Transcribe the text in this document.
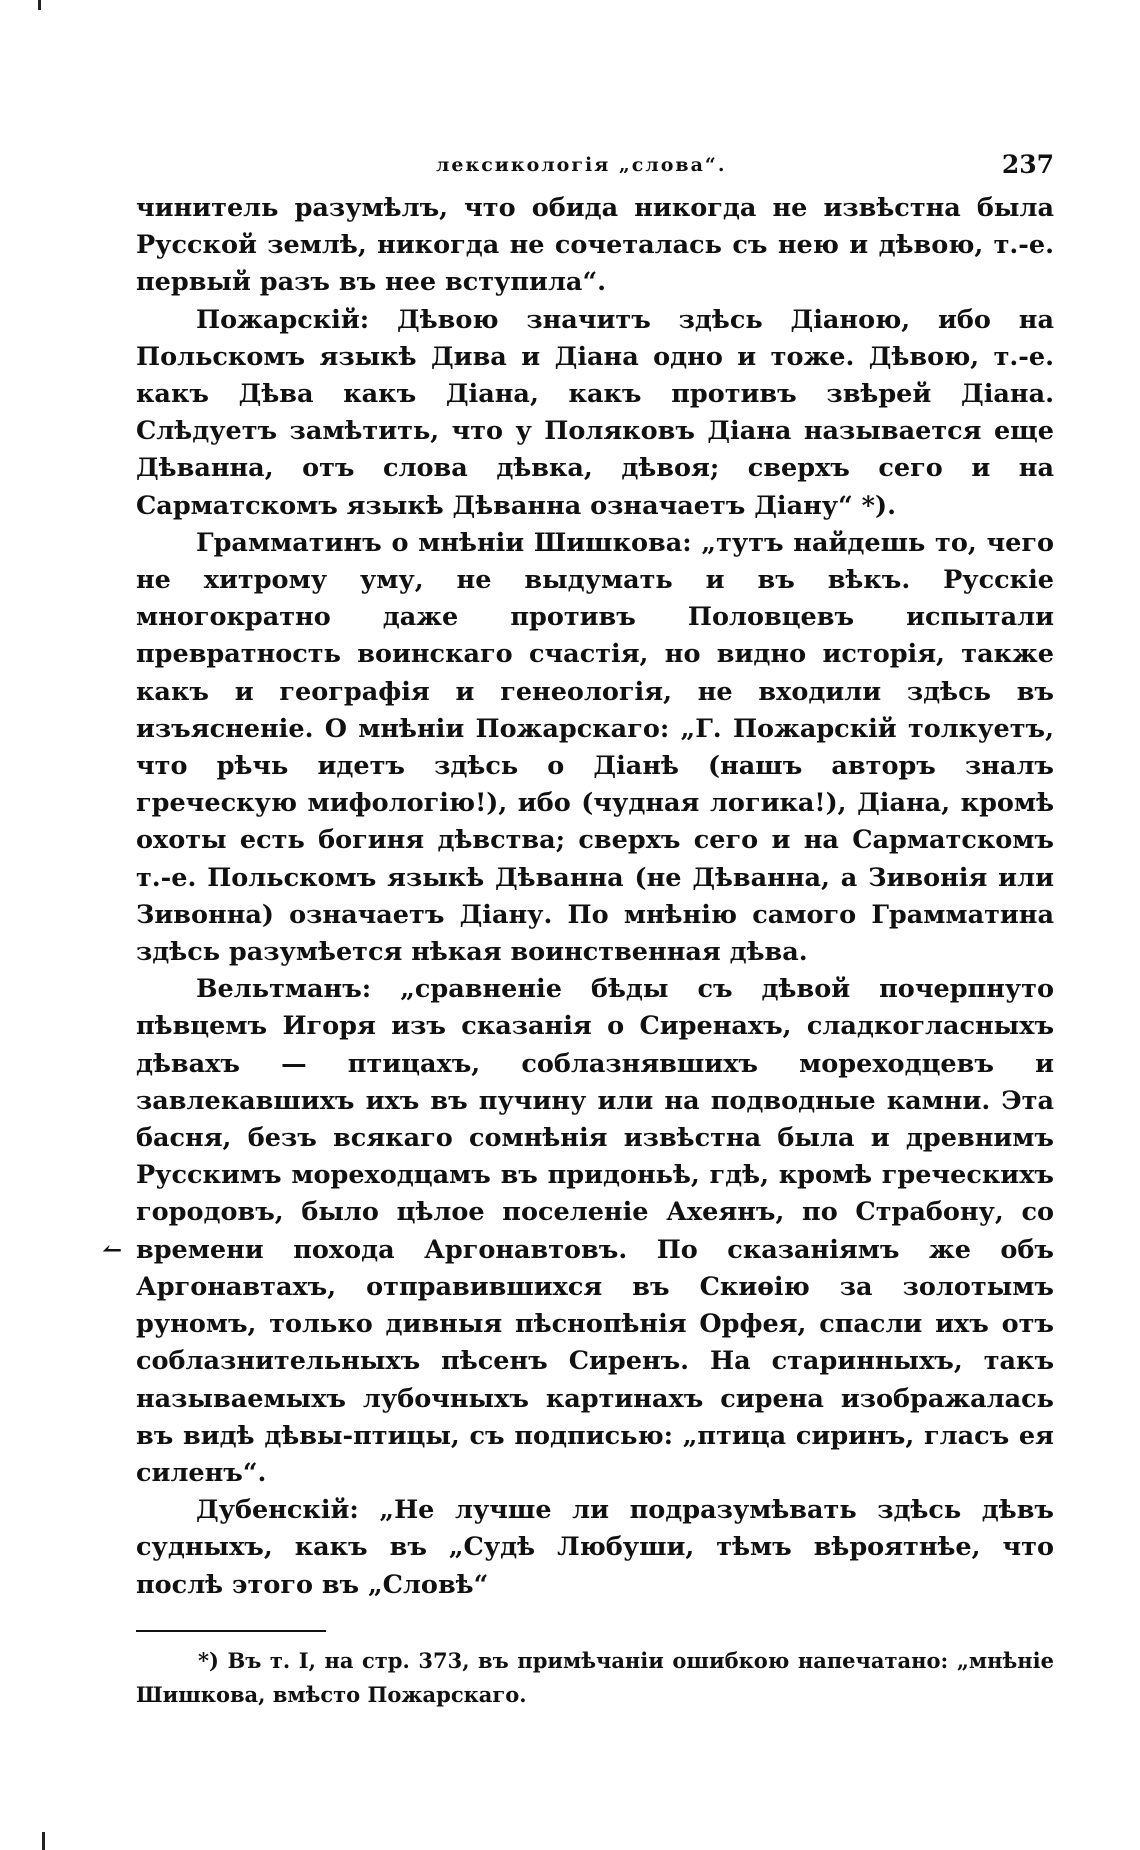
лексикологія „слова“.	237

чинитель разумѣлъ, что обида никогда не извѣстна была Русской землѣ, никогда не сочеталась съ нею и дѣвою, т.-е. первый разъ въ нее вступила“.

Пожарскій: Дѣвою значитъ здѣсь Діаною, ибо на Польскомъ языкѣ Дива и Діана одно и тоже. Дѣвою, т.-е. какъ Дѣва какъ Діана, какъ противъ звѣрей Діана. Слѣдуетъ замѣтить, что у Поляковъ Діана называется еще Дѣванна, отъ слова дѣвка, дѣвоя; сверхъ сего и на Сарматскомъ языкѣ Дѣванна означаетъ Діану“ *).

Грамматинъ о мнѣніи Шишкова: „тутъ найдешь то, чего не хитрому уму, не выдумать и въ вѣкъ. Русскіе многократно даже противъ Половцевъ испытали превратность воинскаго счастія, но видно исторія, также какъ и географія и генеологія, не входили здѣсь въ изъясненіе. О мнѣніи Пожарскаго: „Г. Пожарскій толкуетъ, что рѣчь идетъ здѣсь о Діанѣ (нашъ авторъ зналъ греческую мифологію!), ибо (чудная логика!), Діана, кромѣ охоты есть богиня дѣвства; сверхъ сего и на Сарматскомъ т.-е. Польскомъ языкѣ Дѣванна (не Дѣванна, а Зивонія или Зивонна) означаетъ Діану. По мнѣнію самого Грамматина здѣсь разумѣется нѣкая воинственная дѣва.

↼

Вельтманъ: „сравненіе бѣды съ дѣвой почерпнуто пѣвцемъ Игоря изъ сказанія о Сиренахъ, сладкогласныхъ дѣвахъ — птицахъ, соблазнявшихъ мореходцевъ и завлекавшихъ ихъ въ пучину или на подводные камни. Эта басня, безъ всякаго сомнѣнія извѣстна была и древнимъ Русскимъ мореходцамъ въ придоньѣ, гдѣ, кромѣ греческихъ городовъ, было цѣлое поселеніе Ахеянъ, по Страбону, со времени похода Аргонавтовъ. По сказаніямъ же объ Аргонавтахъ, отправившихся въ Скиѳію за золотымъ руномъ, только дивныя пѣснопѣнія Орфея, спасли ихъ отъ соблазнительныхъ пѣсенъ Сиренъ. На старинныхъ, такъ называемыхъ лубочныхъ картинахъ сирена изображалась въ видѣ дѣвы-птицы, съ подписью: „птица сиринъ, гласъ ея силенъ“.

Дубенскій: „Не лучше ли подразумѣвать здѣсь дѣвъ судныхъ, какъ въ „Судѣ Любуши, тѣмъ вѣроятнѣе, что послѣ этого въ „Словѣ“

*) Въ т. I, на стр. 373, въ примѣчаніи ошибкою напечатано: „мнѣніе Шишкова, вмѣсто Пожарскаго.
